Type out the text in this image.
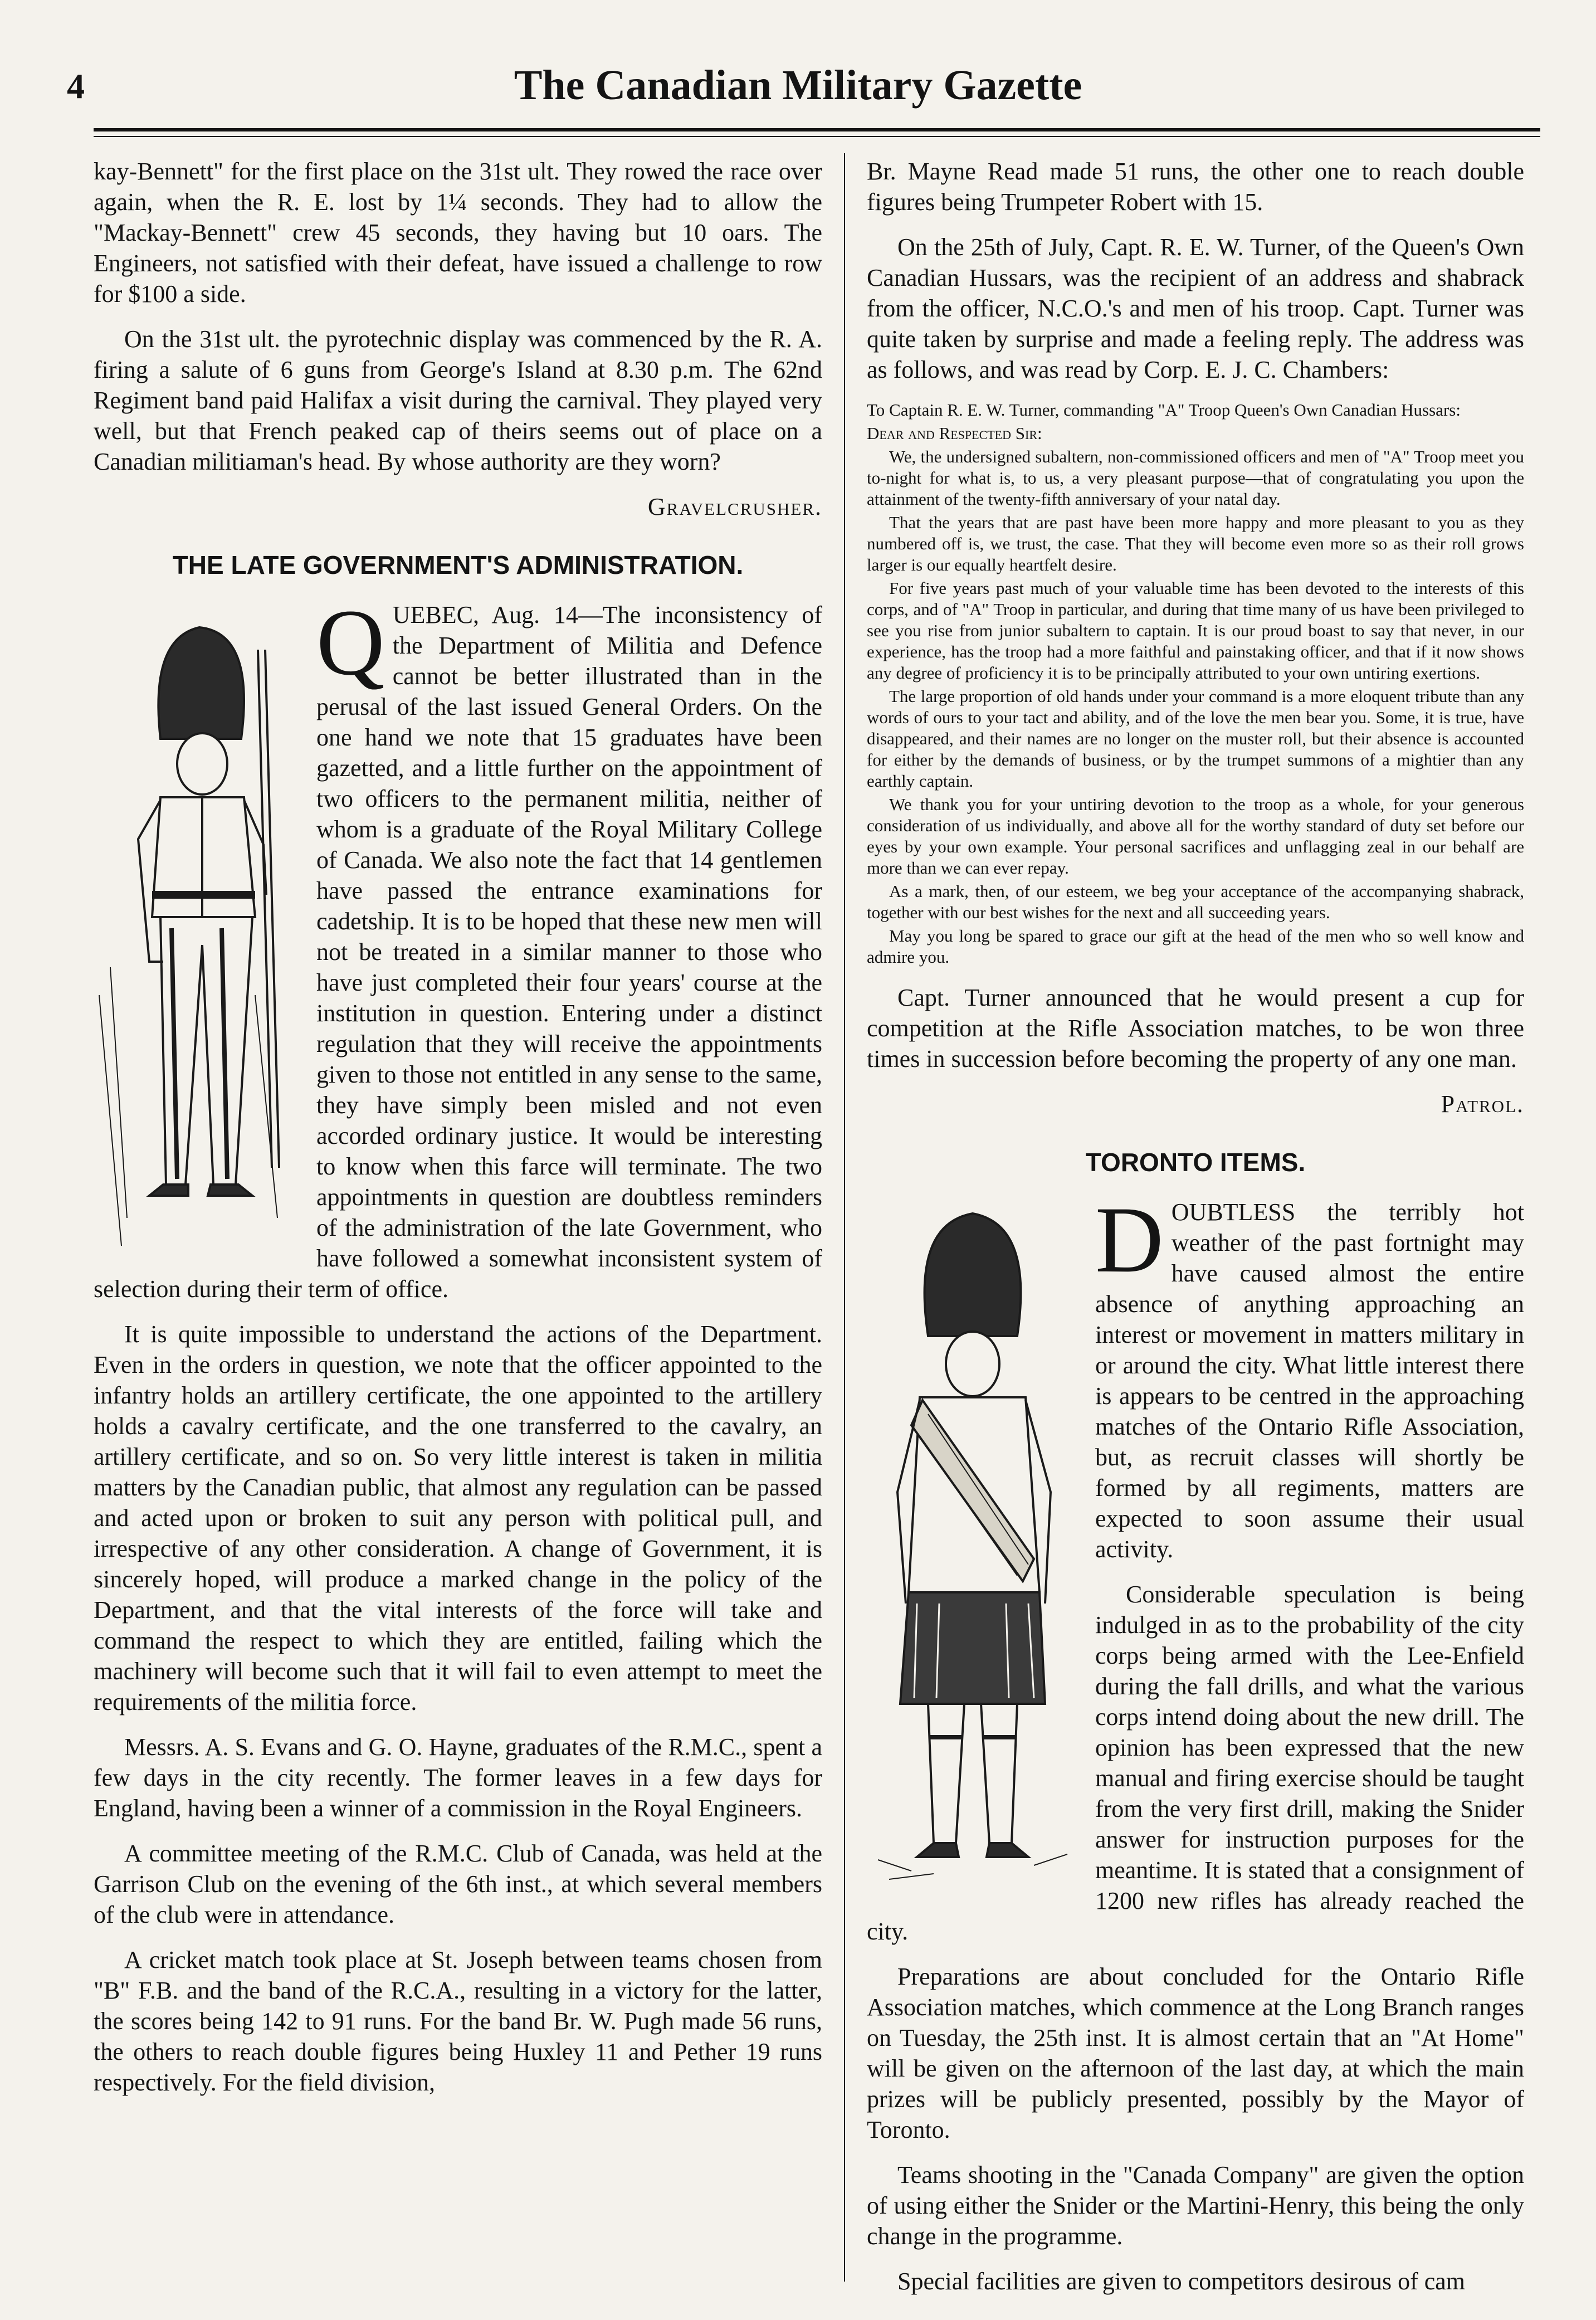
4	The Canadian Military Gazette

kay-Bennett" for the first place on the 31st ult. They rowed the race over again, when the R. E. lost by 1¼ seconds. They had to allow the "Mackay-Bennett" crew 45 seconds, they having but 10 oars. The Engineers, not satisfied with their defeat, have issued a challenge to row for $100 a side.

On the 31st ult. the pyrotechnic display was commenced by the R. A. firing a salute of 6 guns from George's Island at 8.30 p.m. The 62nd Regiment band paid Halifax a visit during the carnival. They played very well, but that French peaked cap of theirs seems out of place on a Canadian militiaman's head. By whose authority are they worn?

Gravelcrusher.
THE LATE GOVERNMENT'S ADMINISTRATION.

QUEBEC, Aug. 14—The inconsistency of the Department of Militia and Defence cannot be better illustrated than in the perusal of the last issued General Orders. On the one hand we note that 15 graduates have been gazetted, and a little further on the appointment of two officers to the permanent militia, neither of whom is a graduate of the Royal Military College of Canada. We also note the fact that 14 gentlemen have passed the entrance examinations for cadetship. It is to be hoped that these new men will not be treated in a similar manner to those who have just completed their four years' course at the institution in question. Entering under a distinct regulation that they will receive the appointments given to those not entitled in any sense to the same, they have simply been misled and not even accorded ordinary justice. It would be interesting to know when this farce will terminate. The two appointments in question are doubtless reminders of the administration of the late Government, who have followed a somewhat inconsistent system of selection during their term of office.

It is quite impossible to understand the actions of the Department. Even in the orders in question, we note that the officer appointed to the infantry holds an artillery certificate, the one appointed to the artillery holds a cavalry certificate, and the one transferred to the cavalry, an artillery certificate, and so on. So very little interest is taken in militia matters by the Canadian public, that almost any regulation can be passed and acted upon or broken to suit any person with political pull, and irrespective of any other consideration. A change of Government, it is sincerely hoped, will produce a marked change in the policy of the Department, and that the vital interests of the force will take and command the respect to which they are entitled, failing which the machinery will become such that it will fail to even attempt to meet the requirements of the militia force.

Messrs. A. S. Evans and G. O. Hayne, graduates of the R.M.C., spent a few days in the city recently. The former leaves in a few days for England, having been a winner of a commission in the Royal Engineers.

A committee meeting of the R.M.C. Club of Canada, was held at the Garrison Club on the evening of the 6th inst., at which several members of the club were in attendance.

A cricket match took place at St. Joseph between teams chosen from "B" F.B. and the band of the R.C.A., resulting in a victory for the latter, the scores being 142 to 91 runs. For the band Br. W. Pugh made 56 runs, the others to reach double figures being Huxley 11 and Pether 19 runs respectively. For the field division,

Br. Mayne Read made 51 runs, the other one to reach double figures being Trumpeter Robert with 15.

On the 25th of July, Capt. R. E. W. Turner, of the Queen's Own Canadian Hussars, was the recipient of an address and shabrack from the officer, N.C.O.'s and men of his troop. Capt. Turner was quite taken by surprise and made a feeling reply. The address was as follows, and was read by Corp. E. J. C. Chambers:

To Captain R. E. W. Turner, commanding "A" Troop Queen's Own Canadian Hussars:

Dear and Respected Sir:

We, the undersigned subaltern, non-commissioned officers and men of "A" Troop meet you to-night for what is, to us, a very pleasant purpose—that of congratulating you upon the attainment of the twenty-fifth anniversary of your natal day.

That the years that are past have been more happy and more pleasant to you as they numbered off is, we trust, the case. That they will become even more so as their roll grows larger is our equally heartfelt desire.

For five years past much of your valuable time has been devoted to the interests of this corps, and of "A" Troop in particular, and during that time many of us have been privileged to see you rise from junior subaltern to captain. It is our proud boast to say that never, in our experience, has the troop had a more faithful and painstaking officer, and that if it now shows any degree of proficiency it is to be principally attributed to your own untiring exertions.

The large proportion of old hands under your command is a more eloquent tribute than any words of ours to your tact and ability, and of the love the men bear you. Some, it is true, have disappeared, and their names are no longer on the muster roll, but their absence is accounted for either by the demands of business, or by the trumpet summons of a mightier than any earthly captain.

We thank you for your untiring devotion to the troop as a whole, for your generous consideration of us individually, and above all for the worthy standard of duty set before our eyes by your own example. Your personal sacrifices and unflagging zeal in our behalf are more than we can ever repay.

As a mark, then, of our esteem, we beg your acceptance of the accompanying shabrack, together with our best wishes for the next and all succeeding years.

May you long be spared to grace our gift at the head of the men who so well know and admire you.

Capt. Turner announced that he would present a cup for competition at the Rifle Association matches, to be won three times in succession before becoming the property of any one man.

Patrol.
TORONTO ITEMS.

DOUBTLESS the terribly hot weather of the past fortnight may have caused almost the entire absence of anything approaching an interest or movement in matters military in or around the city. What little interest there is appears to be centred in the approaching matches of the Ontario Rifle Association, but, as recruit classes will shortly be formed by all regiments, matters are expected to soon assume their usual activity.

Considerable speculation is being indulged in as to the probability of the city corps being armed with the Lee-Enfield during the fall drills, and what the various corps intend doing about the new drill. The opinion has been expressed that the new manual and firing exercise should be taught from the very first drill, making the Snider answer for instruction purposes for the meantime. It is stated that a consignment of 1200 new rifles has already reached the city.

Preparations are about concluded for the Ontario Rifle Association matches, which commence at the Long Branch ranges on Tuesday, the 25th inst. It is almost certain that an "At Home" will be given on the afternoon of the last day, at which the main prizes will be publicly presented, possibly by the Mayor of Toronto.

Teams shooting in the "Canada Company" are given the option of using either the Snider or the Martini-Henry, this being the only change in the programme.

Special facilities are given to competitors desirous of cam
